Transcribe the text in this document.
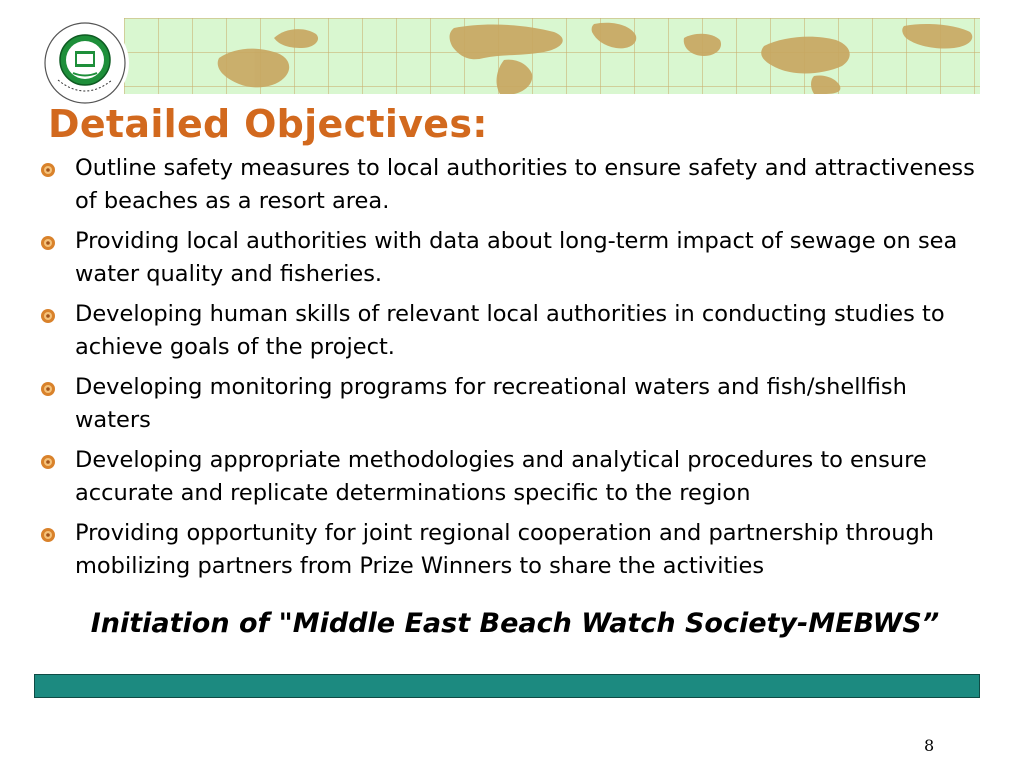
Detailed Objectives:
Outline safety measures to local authorities to ensure safety and attractiveness of beaches as a resort area.
Providing local authorities with data about long-term impact of sewage on sea water quality and fisheries.
Developing human skills of relevant local authorities in conducting studies to achieve goals of the project.
Developing monitoring programs for recreational waters and fish/shellfish waters
Developing appropriate methodologies and analytical procedures to ensure accurate and replicate determinations specific to the region
Providing opportunity for joint regional cooperation and partnership through mobilizing partners from Prize Winners to share the activities

Initiation of "Middle East Beach Watch Society-MEBWS”

8
